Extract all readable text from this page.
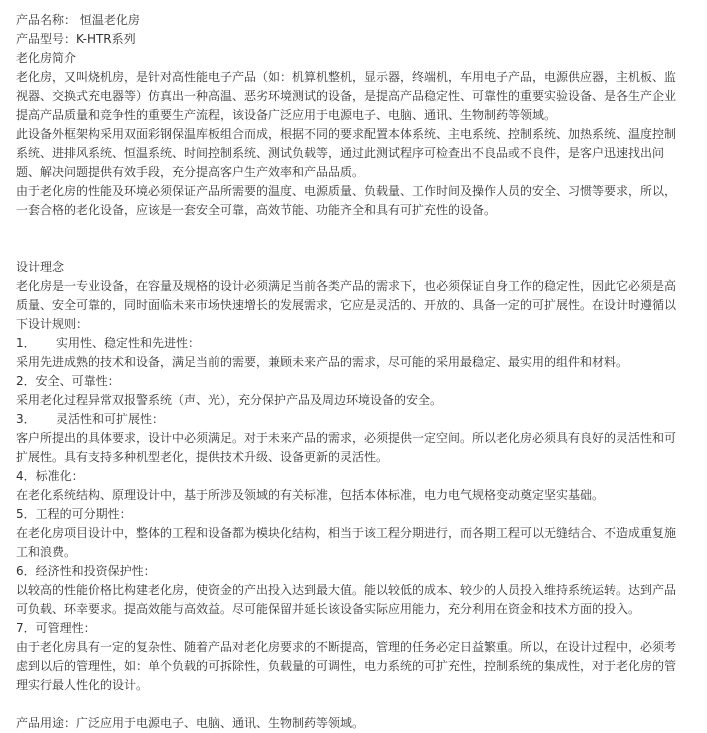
产品名称： 恒温老化房

产品型号：K-HTR系列

老化房简介

老化房，又叫烧机房，是针对高性能电子产品（如：机算机整机，显示器，终端机，车用电子产品，电源供应器，主机板、监

视器、交换式充电器等）仿真出一种高温、恶劣环境测试的设备，是提高产品稳定性、可靠性的重要实验设备、是各生产企业

提高产品质量和竞争性的重要生产流程，该设备广泛应用于电源电子、电脑、通讯、生物制药等领域。

此设备外框架构采用双面彩钢保温库板组合而成，根据不同的要求配置本体系统、主电系统、控制系统、加热系统、温度控制

系统、进排风系统、恒温系统、时间控制系统、测试负载等，通过此测试程序可检查出不良品或不良件，是客户迅速找出问

题、解决问题提供有效手段，充分提高客户生产效率和产品品质。

由于老化房的性能及环境必须保证产品所需要的温度、电源质量、负载量、工作时间及操作人员的安全、习惯等要求，所以，

一套合格的老化设备，应该是一套安全可靠，高效节能、功能齐全和具有可扩充性的设备。

设计理念

老化房是一专业设备，在容量及规格的设计必须满足当前各类产品的需求下，也必须保证自身工作的稳定性，因此它必须是高

质量、安全可靠的，同时面临未来市场快速增长的发展需求，它应是灵活的、开放的、具备一定的可扩展性。在设计时遵循以

下设计规则：

1． 实用性、稳定性和先进性：

采用先进成熟的技术和设备，满足当前的需要，兼顾未来产品的需求，尽可能的采用最稳定、最实用的组件和材料。

2．安全、可靠性：

采用老化过程异常双报警系统（声、光），充分保护产品及周边环境设备的安全。

3． 灵活性和可扩展性：

客户所提出的具体要求，设计中必须满足。对于未来产品的需求，必须提供一定空间。所以老化房必须具有良好的灵活性和可

扩展性。具有支持多种机型老化，提供技术升级、设备更新的灵活性。

4．标准化：

在老化系统结构、原理设计中，基于所涉及领域的有关标准，包括本体标准，电力电气规格变动奠定坚实基础。

5．工程的可分期性：

在老化房项目设计中，整体的工程和设备都为模块化结构，相当于该工程分期进行，而各期工程可以无缝结合、不造成重复施

工和浪费。

6．经济性和投资保护性：

以较高的性能价格比构建老化房，使资金的产出投入达到最大值。能以较低的成本、较少的人员投入维持系统运转。达到产品

可负载、环幸要求。提高效能与高效益。尽可能保留并延长该设备实际应用能力，充分利用在资金和技术方面的投入。

7．可管理性：

由于老化房具有一定的复杂性、随着产品对老化房要求的不断提高，管理的任务必定日益繁重。所以，在设计过程中，必须考

虑到以后的管理性，如：单个负载的可拆除性，负载量的可调性，电力系统的可扩充性，控制系统的集成性，对于老化房的管

理实行最人性化的设计。

产品用途：广泛应用于电源电子、电脑、通讯、生物制药等领域。
